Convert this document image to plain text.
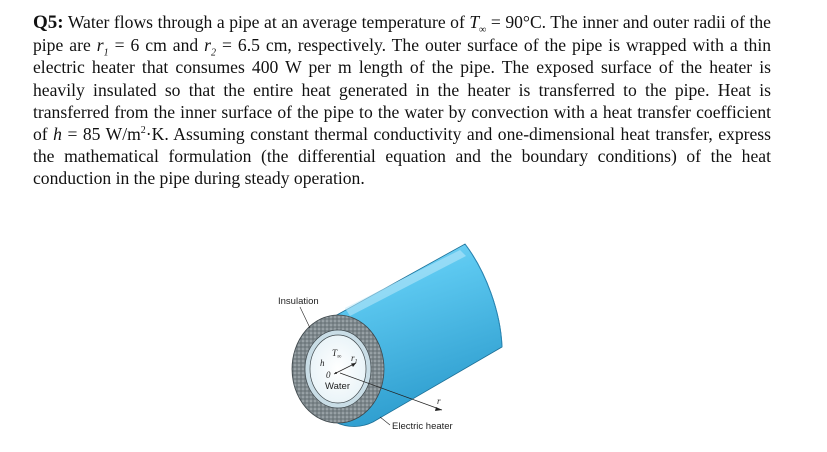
Q5: Water flows through a pipe at an average temperature of $T_\infty = 90^\circ C$. The inner and outer radii of the pipe are $r_1 = 6$ cm and $r_2 = 6.5$ cm, respectively. The outer surface of the pipe is wrapped with a thin electric heater that consumes 400 W per m length of the pipe. The exposed surface of the heater is heavily insulated so that the entire heat generated in the heater is transferred to the pipe. Heat is transferred from the inner surface of the pipe to the water by convection with a heat transfer coefficient of h = 85 $W/m^2\cdot K$. Assuming constant thermal conductivity and one-dimensional heat transfer, express the mathematical formulation (the differential equation and the boundary conditions) of the heat conduction in the pipe during steady operation.

$T_\infty$
h	$r_1$
0
r
Water
Insulation
Electric heater
